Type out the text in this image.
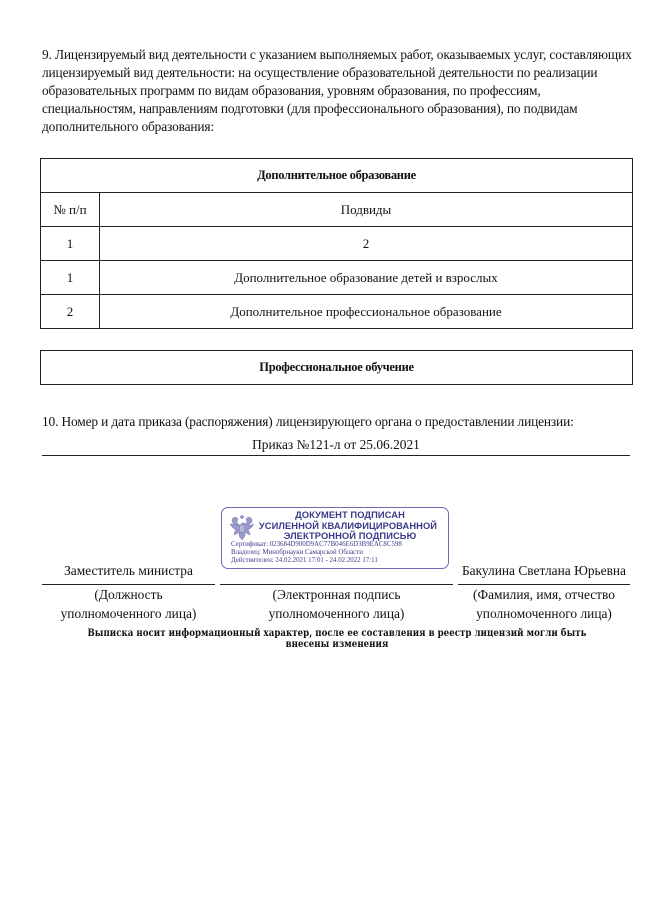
9. Лицензируемый вид деятельности с указанием выполняемых работ, оказываемых услуг, составляющих лицензируемый вид деятельности: на осуществление образовательной деятельности по реализации образовательных программ по видам образования, уровням образования, по профессиям, специальностям, направлениям подготовки (для профессионального образования), по подвидам дополнительного образования:
Дополнительное образование	
№ п/п	Подвиды
1	2
1	Дополнительное образование детей и взрослых
2	Дополнительное профессиональное образование
Профессиональное обучение
10. Номер и дата приказа (распоряжения) лицензирующего органа о предоставлении лицензии:
Приказ №121-л от 25.06.2021
ДОКУМЕНТ ПОДПИСАН
УСИЛЕННОЙ КВАЛИФИЦИРОВАННОЙ
ЭЛЕКТРОННОЙ ПОДПИСЬЮ
Сертификат: 023684D900D9AC77B046E6D3B9EAC8C598
Владелец: Минобрнауки Самарской Области
Действителен: 24.02.2021 17:01 - 24.02.2022 17:11
Заместитель министра
(Должность
уполномоченного лица)
(Электронная подпись
уполномоченного лица)
Бакулина Светлана Юрьевна
(Фамилия, имя, отчество
уполномоченного лица)
Выписка носит информационный характер, после ее составления в реестр лицензий могли быть внесены изменения
